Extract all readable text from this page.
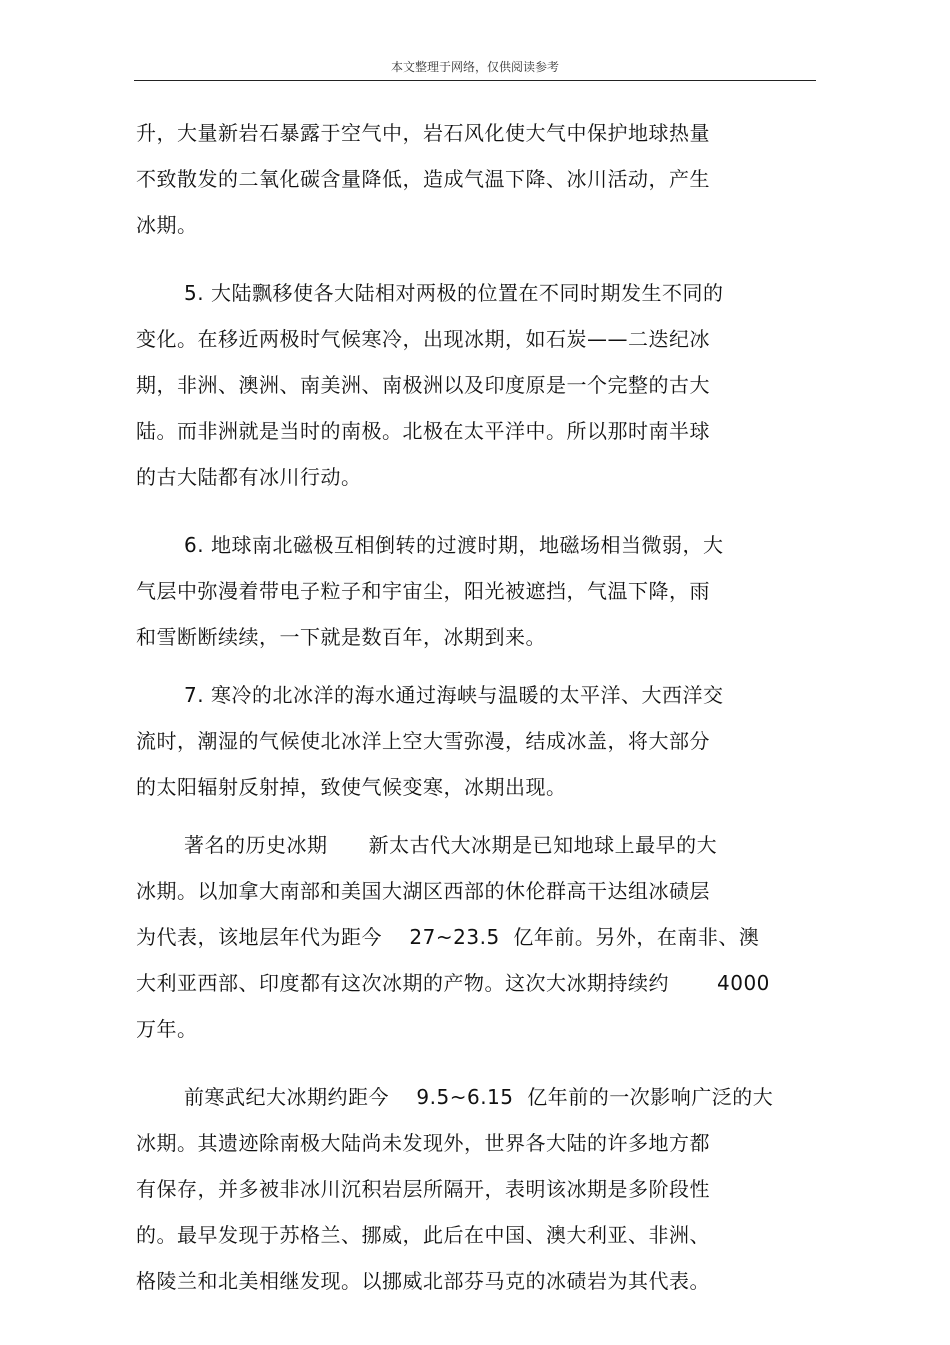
本文整理于网络，仅供阅读参考
升，大量新岩石暴露于空气中，岩石风化使大气中保护地球热量
不致散发的二氧化碳含量降低，造成气温下降、冰川活动，产生
冰期。
5. 大陆飘移使各大陆相对两极的位置在不同时期发生不同的
变化。在移近两极时气候寒冷，出现冰期，如石炭——二迭纪冰
期，非洲、澳洲、南美洲、南极洲以及印度原是一个完整的古大
陆。而非洲就是当时的南极。北极在太平洋中。所以那时南半球
的古大陆都有冰川行动。
6. 地球南北磁极互相倒转的过渡时期，地磁场相当微弱，大
气层中弥漫着带电子粒子和宇宙尘，阳光被遮挡，气温下降，雨
和雪断断续续，一下就是数百年，冰期到来。
7. 寒冷的北冰洋的海水通过海峡与温暖的太平洋、大西洋交
流时，潮湿的气候使北冰洋上空大雪弥漫，结成冰盖，将大部分
的太阳辐射反射掉，致使气候变寒，冰期出现。
著名的历史冰期      新太古代大冰期是已知地球上最早的大
冰期。以加拿大南部和美国大湖区西部的休伦群高干达组冰碛层
为代表，该地层年代为距今    27~23.5  亿年前。另外，在南非、澳
大利亚西部、印度都有这次冰期的产物。这次大冰期持续约       4000
万年。
前寒武纪大冰期约距今    9.5~6.15  亿年前的一次影响广泛的大
冰期。其遗迹除南极大陆尚未发现外，世界各大陆的许多地方都
有保存，并多被非冰川沉积岩层所隔开，表明该冰期是多阶段性
的。最早发现于苏格兰、挪威，此后在中国、澳大利亚、非洲、
格陵兰和北美相继发现。以挪威北部芬马克的冰碛岩为其代表。
